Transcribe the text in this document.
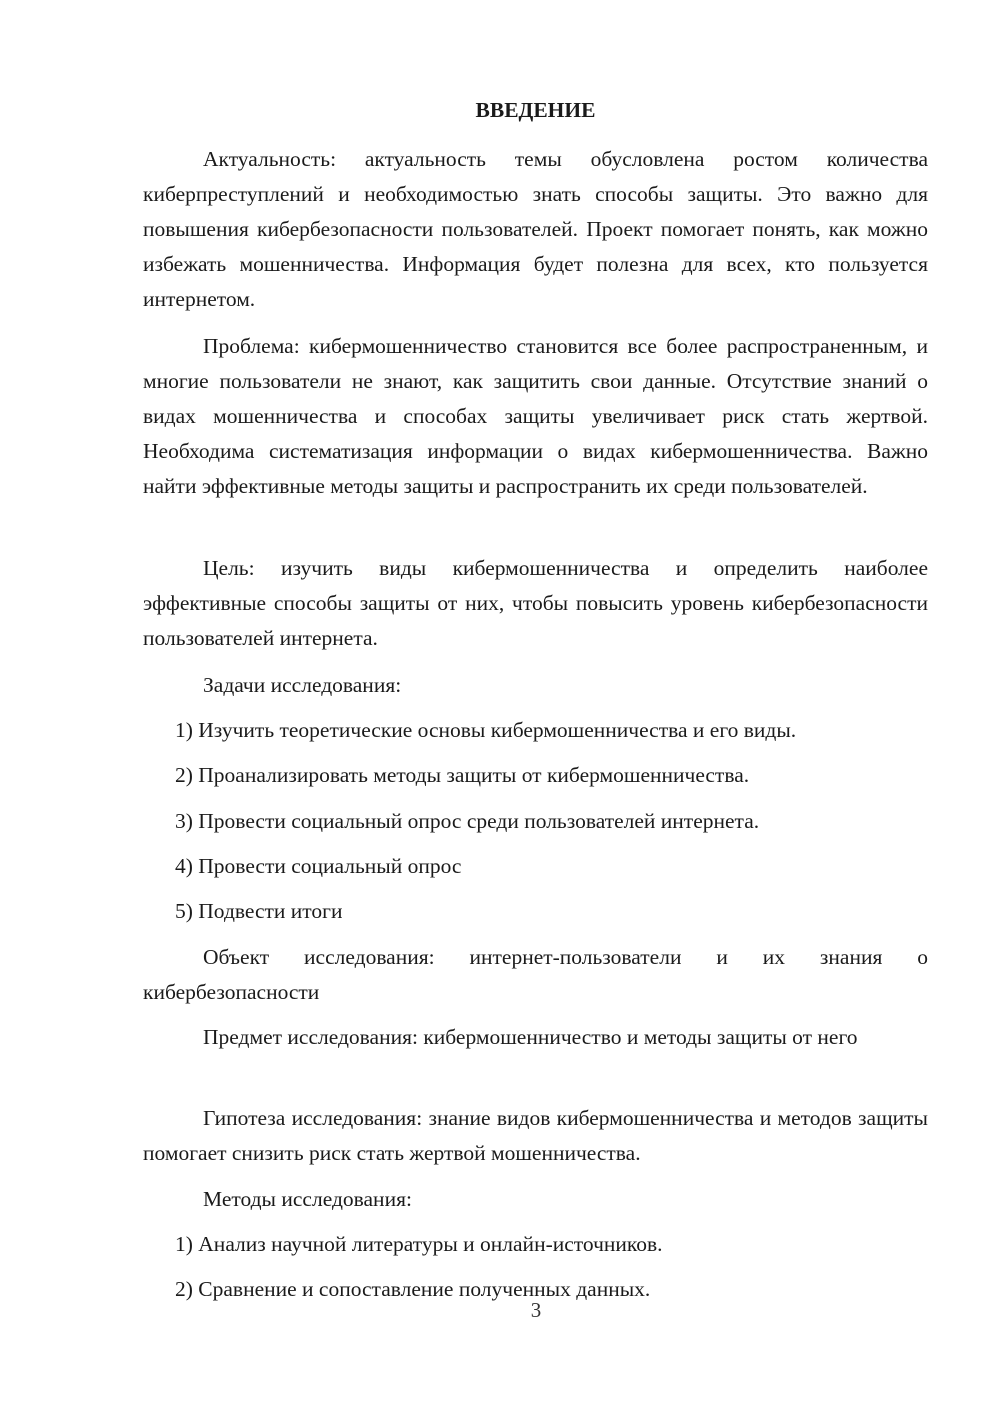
ВВЕДЕНИЕ

Актуальность: актуальность темы обусловлена ростом количества киберпреступлений и необходимостью знать способы защиты. Это важно для повышения кибербезопасности пользователей. Проект помогает понять, как можно избежать мошенничества. Информация будет полезна для всех, кто пользуется интернетом.

Проблема: кибермошенничество становится все более распространенным, и многие пользователи не знают, как защитить свои данные. Отсутствие знаний о видах мошенничества и способах защиты увеличивает риск стать жертвой. Необходима систематизация информации о видах кибермошенничества. Важно найти эффективные методы защиты и распространить их среди пользователей.

Цель: изучить виды кибермошенничества и определить наиболее эффективные способы защиты от них, чтобы повысить уровень кибербезопасности пользователей интернета.

Задачи исследования:

1) Изучить теоретические основы кибермошенничества и его виды.

2) Проанализировать методы защиты от кибермошенничества.

3) Провести социальный опрос среди пользователей интернета.

4) Провести социальный опрос

5) Подвести итоги

Объект исследования: интернет-пользователи и их знания о кибербезопасности

Предмет исследования: кибермошенничество и методы защиты от него

Гипотеза исследования: знание видов кибермошенничества и методов защиты помогает снизить риск стать жертвой мошенничества.

Методы исследования:

1) Анализ научной литературы и онлайн-источников.

2) Сравнение и сопоставление полученных данных.

3
